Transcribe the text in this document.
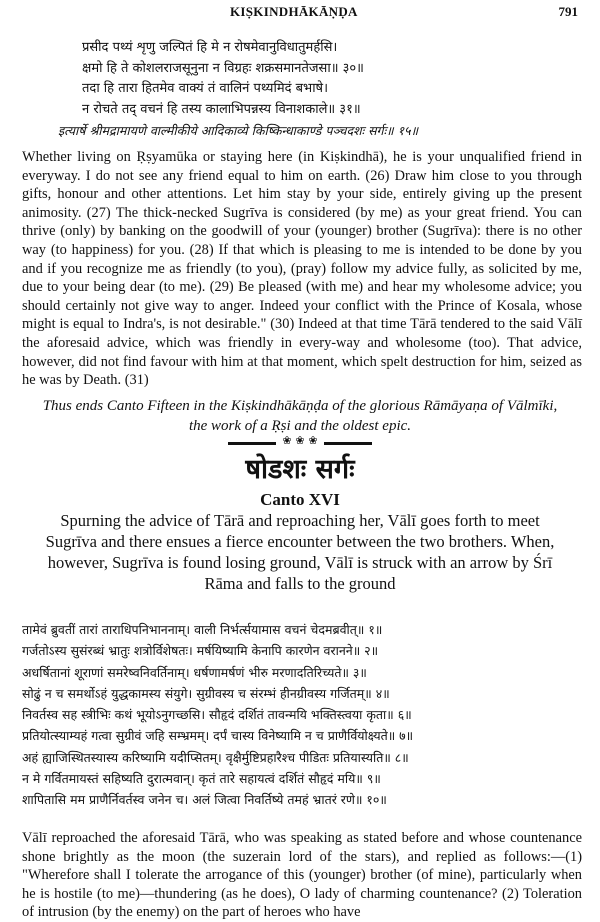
KIṢKINDHĀKĀṆḌA	791
प्रसीद पथ्यं शृणु जल्पितं हि मे न रोषमेवानुविधातुमर्हसि।
क्षमो हि ते कोशलराजसूनुना न विग्रहः शक्रसमानतेजसा॥ ३०॥
तदा हि तारा हितमेव वाक्यं तं वालिनं पथ्यमिदं बभाषे।
न रोचते तद् वचनं हि तस्य कालाभिपन्नस्य विनाशकाले॥ ३१॥
इत्यार्षे श्रीमद्रामायणे वाल्मीकीये आदिकाव्ये किष्किन्धाकाण्डे पञ्चदशः सर्गः॥ १५॥
Whether living on Ṛṣyamūka or staying here (in Kiṣkindhā), he is your unqualified friend in everyway. I do not see any friend equal to him on earth. (26) Draw him close to you through gifts, honour and other attentions. Let him stay by your side, entirely giving up the present animosity. (27) The thick-necked Sugrīva is considered (by me) as your great friend. You can thrive (only) by banking on the goodwill of your (younger) brother (Sugrīva): there is no other way (to happiness) for you. (28) If that which is pleasing to me is intended to be done by you and if you recognize me as friendly (to you), (pray) follow my advice fully, as solicited by me, due to your being dear (to me). (29) Be pleased (with me) and hear my wholesome advice; you should certainly not give way to anger. Indeed your conflict with the Prince of Kosala, whose might is equal to Indra's, is not desirable." (30) Indeed at that time Tārā tendered to the said Vālī the aforesaid advice, which was friendly in every-way and wholesome (too). That advice, however, did not find favour with him at that moment, which spelt destruction for him, seized as he was by Death. (31)
❀ ❀ ❀
Thus ends Canto Fifteen in the Kiṣkindhākāṇḍa of the glorious Rāmāyaṇa of Vālmīki, the work of a Ṛṣi and the oldest epic.
षोडशः सर्गः
Canto XVI
Spurning the advice of Tārā and reproaching her, Vālī goes forth to meet Sugrīva and there ensues a fierce encounter between the two brothers. When, however, Sugrīva is found losing ground, Vālī is struck with an arrow by Śrī Rāma and falls to the ground
तामेवं ब्रुवतीं तारां ताराधिपनिभाननाम्। वाली निर्भर्त्सयामास वचनं चेदमब्रवीत्॥ १॥
गर्जतोऽस्य सुसंरब्धं भ्रातुः शत्रोर्विशेषतः। मर्षयिष्यामि केनापि कारणेन वरानने॥ २॥
अधर्षितानां शूराणां समरेष्वनिवर्तिनाम्। धर्षणामर्षणं भीरु मरणादतिरिच्यते॥ ३॥
सोढुं न च समर्थोऽहं युद्धकामस्य संयुगे। सुग्रीवस्य च संरम्भं हीनग्रीवस्य गर्जितम्॥ ४॥
निवर्तस्व सह स्त्रीभिः कथं भूयोऽनुगच्छसि। सौहृदं दर्शितं तावन्मयि भक्तिस्त्वया कृता॥ ६॥
प्रतियोत्स्याम्यहं गत्वा सुग्रीवं जहि सम्भ्रमम्। दर्पं चास्य विनेष्यामि न च प्राणैर्वियोक्ष्यते॥ ७॥
अहं ह्याजिस्थितस्यास्य करिष्यामि यदीप्सितम्। वृक्षैर्मुष्टिप्रहारैश्च पीडितः प्रतियास्यति॥ ८॥
न मे गर्वितमायस्तं सहिष्यति दुरात्मवान्। कृतं तारे सहायत्वं दर्शितं सौहृदं मयि॥ ९॥
शापितासि मम प्राणैर्निवर्तस्व जनेन च। अलं जित्वा निवर्तिष्ये तमहं भ्रातरं रणे॥ १०॥
Vālī reproached the aforesaid Tārā, who was speaking as stated before and whose countenance shone brightly as the moon (the suzerain lord of the stars), and replied as follows:—(1) "Wherefore shall I tolerate the arrogance of this (younger) brother (of mine), particularly when he is hostile (to me)—thundering (as he does), O lady of charming countenance? (2) Toleration of intrusion (by the enemy) on the part of heroes who have
